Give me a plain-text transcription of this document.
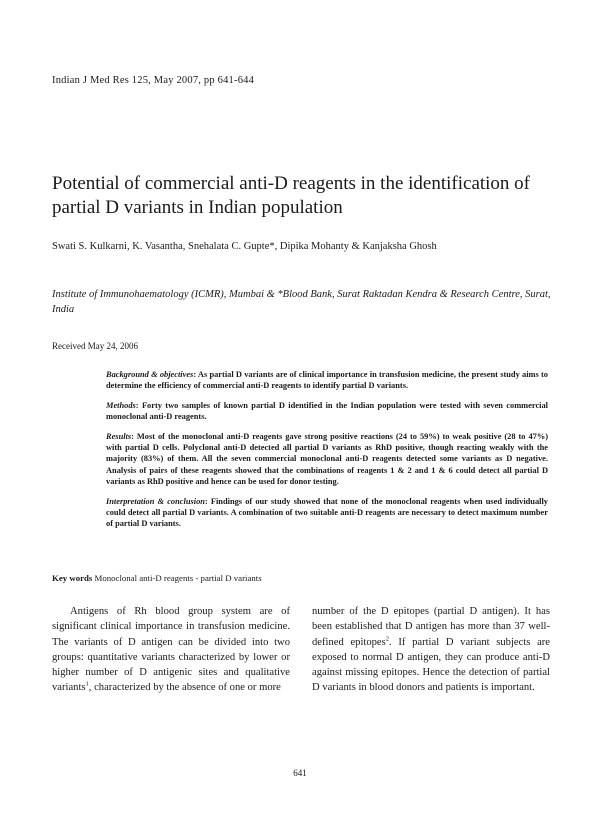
Indian J Med Res 125, May 2007, pp 641-644
Potential of commercial anti-D reagents in the identification of partial D variants in Indian population
Swati S. Kulkarni, K. Vasantha, Snehalata C. Gupte*, Dipika Mohanty & Kanjaksha Ghosh
Institute of Immunohaematology (ICMR), Mumbai & *Blood Bank, Surat Raktadan Kendra & Research Centre, Surat, India
Received May 24, 2006

Background & objectives: As partial D variants are of clinical importance in transfusion medicine, the present study aims to determine the efficiency of commercial anti-D reagents to identify partial D variants.

Methods: Forty two samples of known partial D identified in the Indian population were tested with seven commercial monoclonal anti-D reagents.

Results: Most of the monoclonal anti-D reagents gave strong positive reactions (24 to 59%) to weak positive (28 to 47%) with partial D cells. Polyclonal anti-D detected all partial D variants as RhD positive, though reacting weakly with the majority (83%) of them. All the seven commercial monoclonal anti-D reagents detected some variants as D negative. Analysis of pairs of these reagents showed that the combinations of reagents 1 & 2 and 1 & 6 could detect all partial D variants as RhD positive and hence can be used for donor testing.

Interpretation & conclusion: Findings of our study showed that none of the monoclonal reagents when used individually could detect all partial D variants. A combination of two suitable anti-D reagents are necessary to detect maximum number of partial D variants.

Key words Monoclonal anti-D reagents - partial D variants
Antigens of Rh blood group system are of significant clinical importance in transfusion medicine. The variants of D antigen can be divided into two groups: quantitative variants characterized by lower or higher number of D antigenic sites and qualitative variants$^1$, characterized by the absence of one or more
number of the D epitopes (partial D antigen). It has been established that D antigen has more than 37 well-defined epitopes$^2$. If partial D variant subjects are exposed to normal D antigen, they can produce anti-D against missing epitopes. Hence the detection of partial D variants in blood donors and patients is important.
641
